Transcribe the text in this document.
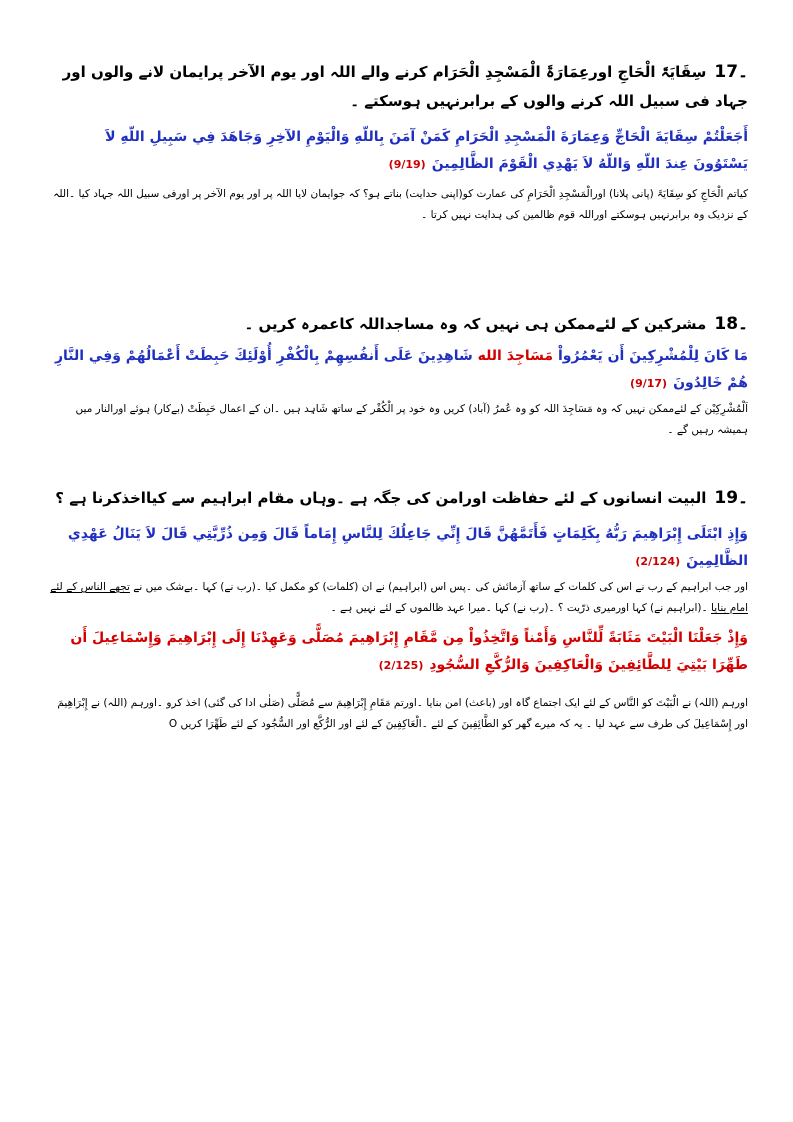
17۔سِقَایَۃَ الْحَاجِ اورعِمَارَۃَ الْمَسْجِدِ الْحَرَام کرنے والے اللہ اور یوم الآخر پرایمان لانے والوں اور جہاد فی سبیل اللہ کرنے والوں کے برابرنہیں ہوسکتے ۔
أَجَعَلْتُمْ سِقَايَةَ الْحَاجِّ وَعِمَارَةَ الْمَسْجِدِ الْحَرَامِ كَمَنْ آمَنَ بِاللّهِ وَالْيَوْمِ الآخِرِ وَجَاهَدَ فِي سَبِيلِ اللّهِ لاَ يَسْتَوُونَ عِندَ اللّهِ وَاللّهُ لاَ يَهْدِي الْقَوْمَ الظَّالِمِينَ(9/19)
کیاتم الْحَاجِ کو سِقَایَۃَ (پانی پلانا) اورالْمَسْجِدِ الْحَرَامِ کی عمارت کو(اپنی حدایت) بناتے ہو؟ کہ جوایمان لایا اللہ پر اور یوم الآخر پر اورفی سبیل اللہ جہاد کیا ۔اللہ کے نزدیک وہ برابرنہیں ہوسکتے اوراللہ قوم ظالمین کی ہدایت نہیں کرتا ۔
18۔مشرکین کے لئےممکن ہی نہیں کہ وہ مساجداللہ کاعمرہ کریں ۔
مَا كَانَ لِلْمُشْرِكِينَ أَن يَعْمُرُواْ مَسَاجِدَ الله شَاهِدِينَ عَلَى أَنفُسِهِمْ بِالْكُفْرِ أُوْلَئِكَ حَبِطَتْ أَعْمَالُهُمْ وَفِي النَّارِ هُمْ خَالِدُونَ(9/17)
اَلْمُشْرِکِیْن کے لئےممکن نہیں کہ وہ مَسَاجِدَ اللہ کو وہ عُمرُ (آباد) کریں وہ خود پر الْکُفْر کے ساتھ شَاہِد ہیں ۔ان کے اعمال حَبِطَتْ (بےکار) ہوئے اورالنار میں ہمیشہ رہیں گے ۔
19۔البیت انسانوں کے لئے حفاظت اورامن کی جگہ ہے ۔وہاں مقام ابراہیم سے کیااخذکرنا ہے ؟
وَإِذِ ابْتَلَى إِبْرَاهِيمَ رَبُّهُ بِكَلِمَاتٍ فَأَتَمَّهُنَّ قَالَ إِنِّي جَاعِلُكَ لِلنَّاسِ إِمَاماً قَالَ وَمِن ذُرِّيَّتِي قَالَ لاَ يَنَالُ عَهْدِي الظَّالِمِينَ(2/124)
اور جب ابراہیم کے رب نے اس کی کلمات کے ساتھ آزمائش کی ۔پس اس (ابراہیم) نے ان (کلمات) کو مکمل کیا ۔(رب نے) کہا ۔بےشک میں نے تجھے الناس کے لئے امام بنایا ۔(ابراہیم نے) کہا اورمیری ذرّیت ؟ ۔(رب نے) کہا ۔میرا عہد ظالموں کے لئے نہیں ہے ۔
وَإِذْ جَعَلْنَا الْبَيْتَ مَثَابَةً لِّلنَّاسِ وَأَمْناً وَاتَّخِذُواْ مِن مَّقَامِ إِبْرَاهِيمَ مُصَلًّى وَعَهِدْنَا إِلَى إِبْرَاهِيمَ وَإِسْمَاعِيلَ أَن طَهِّرَا بَيْتِيَ لِلطَّائِفِينَ وَالْعَاكِفِينَ وَالرُّكَّعِ السُّجُودِ(2/125)
اورہم (اللہ) نے الْبَيْتَ کو النَّاس کے لئے ایک اجتماع گاہ اور (باعث) امن بنایا ۔اورتم مَقَامِ إِبْرَاهِيمَ سے مُصَلًّى (صَلٰی ادا کی گئی) اخذ کرو ۔اورہم (اللہ) نے إِبْرَاهِيمَ اور إِسْمَاعِيلَ کی طرف سے عہد لیا ۔ یہ کہ میرے گھر کو الطَّائِفِينَ کے لئے ۔الْعَاكِفِينَ کے لئے اور الرُّكَّع اور السُّجُود کے لئے طَهِّرَا کریں O
